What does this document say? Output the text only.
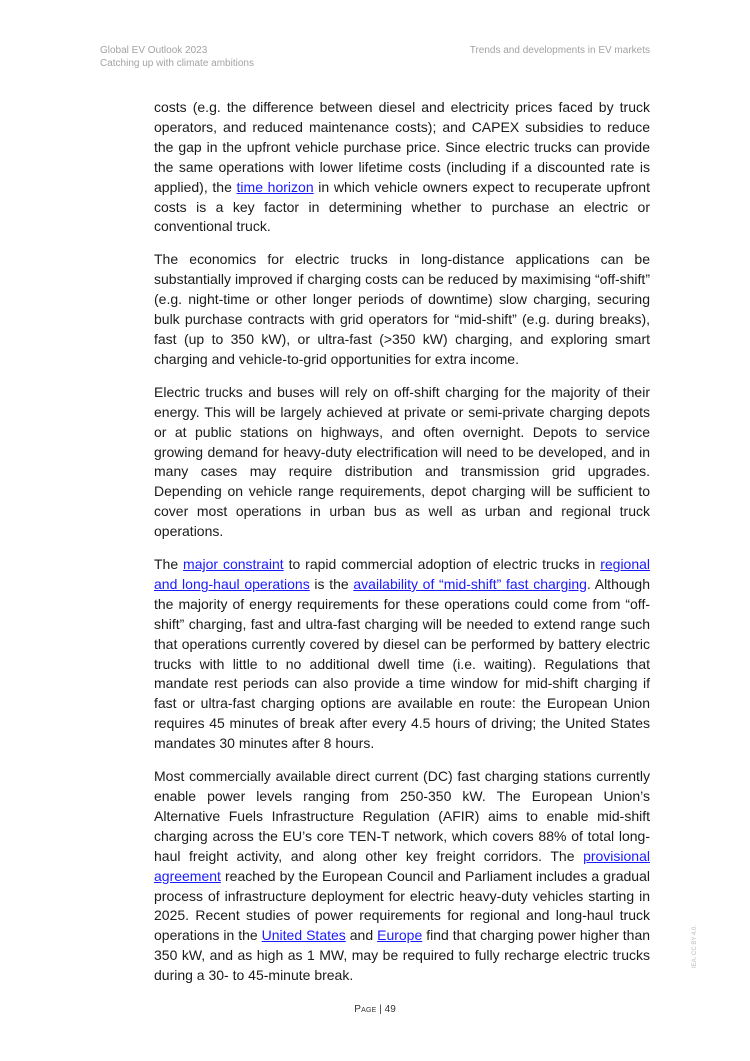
Global EV Outlook 2023
Catching up with climate ambitions
Trends and developments in EV markets

costs (e.g. the difference between diesel and electricity prices faced by truck operators, and reduced maintenance costs); and CAPEX subsidies to reduce the gap in the upfront vehicle purchase price. Since electric trucks can provide the same operations with lower lifetime costs (including if a discounted rate is applied), the time horizon in which vehicle owners expect to recuperate upfront costs is a key factor in determining whether to purchase an electric or conventional truck.

The economics for electric trucks in long-distance applications can be substantially improved if charging costs can be reduced by maximising “off-shift” (e.g. night-time or other longer periods of downtime) slow charging, securing bulk purchase contracts with grid operators for “mid-shift” (e.g. during breaks), fast (up to 350 kW), or ultra-fast (>350 kW) charging, and exploring smart charging and vehicle-to-grid opportunities for extra income.

Electric trucks and buses will rely on off-shift charging for the majority of their energy. This will be largely achieved at private or semi-private charging depots or at public stations on highways, and often overnight. Depots to service growing demand for heavy-duty electrification will need to be developed, and in many cases may require distribution and transmission grid upgrades. Depending on vehicle range requirements, depot charging will be sufficient to cover most operations in urban bus as well as urban and regional truck operations.

The major constraint to rapid commercial adoption of electric trucks in regional and long-haul operations is the availability of “mid-shift” fast charging. Although the majority of energy requirements for these operations could come from “off-shift” charging, fast and ultra-fast charging will be needed to extend range such that operations currently covered by diesel can be performed by battery electric trucks with little to no additional dwell time (i.e. waiting). Regulations that mandate rest periods can also provide a time window for mid-shift charging if fast or ultra-fast charging options are available en route: the European Union requires 45 minutes of break after every 4.5 hours of driving; the United States mandates 30 minutes after 8 hours.

Most commercially available direct current (DC) fast charging stations currently enable power levels ranging from 250-350 kW. The European Union’s Alternative Fuels Infrastructure Regulation (AFIR) aims to enable mid-shift charging across the EU’s core TEN-T network, which covers 88% of total long-haul freight activity, and along other key freight corridors. The provisional agreement reached by the European Council and Parliament includes a gradual process of infrastructure deployment for electric heavy-duty vehicles starting in 2025. Recent studies of power requirements for regional and long-haul truck operations in the United States and Europe find that charging power higher than 350 kW, and as high as 1 MW, may be required to fully recharge electric trucks during a 30- to 45-minute break.

Page | 49
IEA. CC BY 4.0.
